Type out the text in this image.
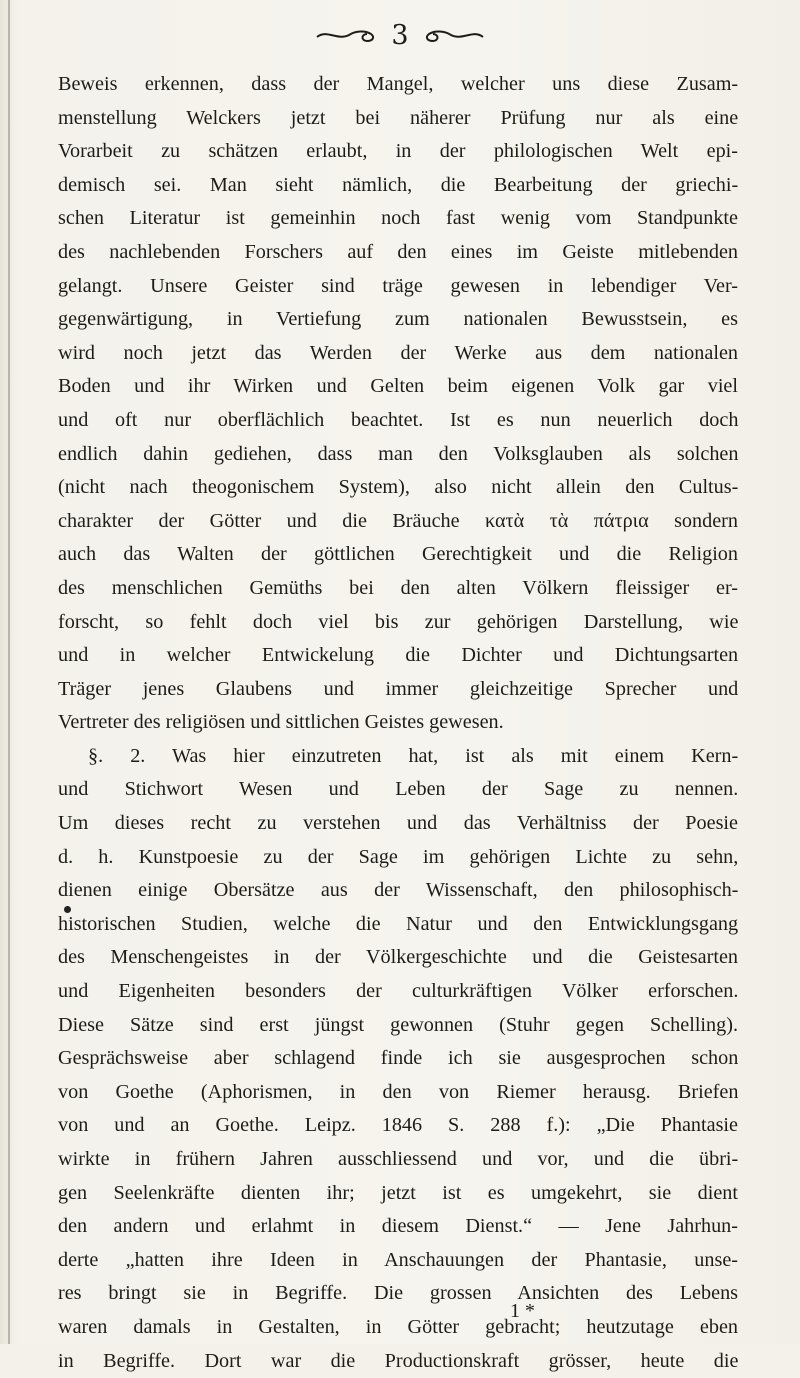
3
Beweis erkennen, dass der Mangel, welcher uns diese Zusam-
menstellung Welckers jetzt bei näherer Prüfung nur als eine
Vorarbeit zu schätzen erlaubt, in der philologischen Welt epi-
demisch sei. Man sieht nämlich, die Bearbeitung der griechi-
schen Literatur ist gemeinhin noch fast wenig vom Standpunkte
des nachlebenden Forschers auf den eines im Geiste mitlebenden
gelangt. Unsere Geister sind träge gewesen in lebendiger Ver-
gegenwärtigung, in Vertiefung zum nationalen Bewusstsein, es
wird noch jetzt das Werden der Werke aus dem nationalen
Boden und ihr Wirken und Gelten beim eigenen Volk gar viel
und oft nur oberflächlich beachtet. Ist es nun neuerlich doch
endlich dahin gediehen, dass man den Volksglauben als solchen
(nicht nach theogonischem System), also nicht allein den Cultus-
charakter der Götter und die Bräuche κατὰ τὰ πάτρια sondern
auch das Walten der göttlichen Gerechtigkeit und die Religion
des menschlichen Gemüths bei den alten Völkern fleissiger er-
forscht, so fehlt doch viel bis zur gehörigen Darstellung, wie
und in welcher Entwickelung die Dichter und Dichtungsarten
Träger jenes Glaubens und immer gleichzeitige Sprecher und
Vertreter des religiösen und sittlichen Geistes gewesen.
§. 2. Was hier einzutreten hat, ist als mit einem Kern-
und Stichwort Wesen und Leben der Sage zu nennen.
Um dieses recht zu verstehen und das Verhältniss der Poesie
d. h. Kunstpoesie zu der Sage im gehörigen Lichte zu sehn,
dienen einige Obersätze aus der Wissenschaft, den philosophisch-
historischen Studien, welche die Natur und den Entwicklungsgang
des Menschengeistes in der Völkergeschichte und die Geistesarten
und Eigenheiten besonders der culturkräftigen Völker erforschen.
Diese Sätze sind erst jüngst gewonnen (Stuhr gegen Schelling).
Gesprächsweise aber schlagend finde ich sie ausgesprochen schon
von Goethe (Aphorismen, in den von Riemer herausg. Briefen
von und an Goethe. Leipz. 1846 S. 288 f.): „Die Phantasie
wirkte in frühern Jahren ausschliessend und vor, und die übri-
gen Seelenkräfte dienten ihr; jetzt ist es umgekehrt, sie dient
den andern und erlahmt in diesem Dienst.“ — Jene Jahrhun-
derte „hatten ihre Ideen in Anschauungen der Phantasie, unse-
res bringt sie in Begriffe. Die grossen Ansichten des Lebens
waren damals in Gestalten, in Götter gebracht; heutzutage eben
in Begriffe. Dort war die Productionskraft grösser, heute die
1 *
